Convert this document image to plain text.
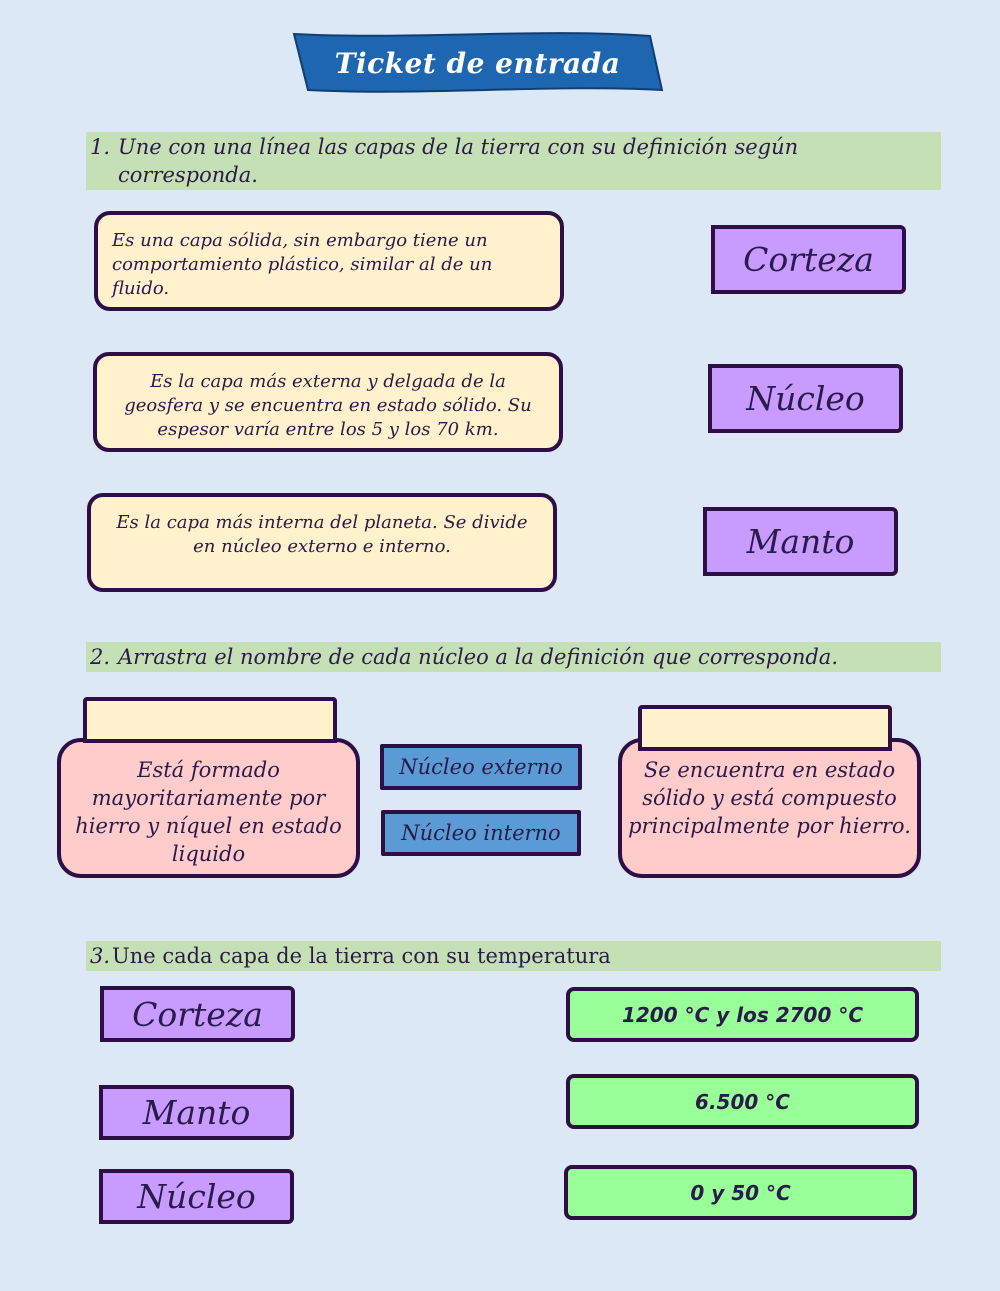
Ticket de entrada
1. Une con una línea las capas de la tierra con su definición según
corresponda.
Es una capa sólida, sin embargo tiene un comportamiento plástico, similar al de un fluido.
Es la capa más externa y delgada de la geosfera y se encuentra en estado sólido. Su espesor varía entre los 5 y los 70 km.
Es la capa más interna del planeta. Se divide en núcleo externo e interno.
Corteza
Núcleo
Manto
2. Arrastra el nombre de cada núcleo a la definición que corresponda.
Está formado mayoritariamente por hierro y níquel en estado liquido
Núcleo externo
Núcleo interno
Se encuentra en estado sólido y está compuesto principalmente por hierro.
3.Une cada capa de la tierra con su temperatura
Corteza
Manto
Núcleo
1200 °C y los 2700 °C
6.500 °C
0 y 50 °C
